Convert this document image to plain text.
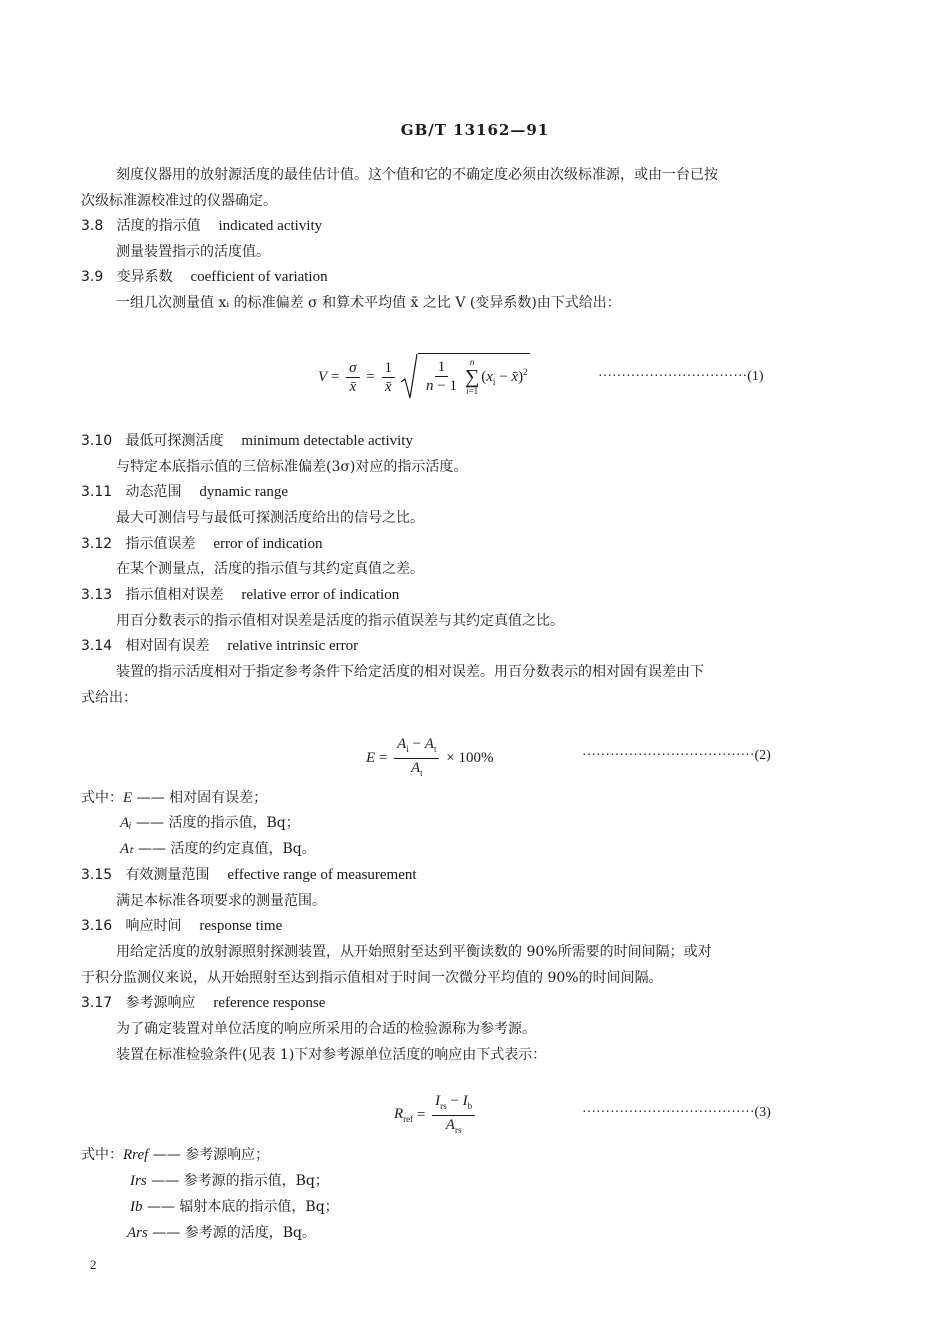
GB/T 13162—91
刻度仪器用的放射源活度的最佳估计值。这个值和它的不确定度必须由次级标准源，或由一台已按
次级标准源校准过的仪器确定。
3.8 活度的指示值 indicated activity
测量装置指示的活度值。
3.9 变异系数 coefficient of variation
一组几次测量值 xᵢ 的标准偏差 σ 和算术平均值 x̄ 之比 V (变异系数)由下式给出：
$V = \frac{\sigma}{x̄} = \frac{1}{x̄} \frac{1}{n - 1}$ n
∑
i=1
($x_i$ − x̄)$^2$	································(1)
3.10 最低可探测活度 minimum detectable activity
与特定本底指示值的三倍标准偏差(3σ)对应的指示活度。
3.11 动态范围 dynamic range
最大可测信号与最低可探测活度给出的信号之比。
3.12 指示值误差 error of indication
在某个测量点，活度的指示值与其约定真值之差。
3.13 指示值相对误差 relative error of indication
用百分数表示的指示值相对误差是活度的指示值误差与其约定真值之比。
3.14 相对固有误差 relative intrinsic error
装置的指示活度相对于指定参考条件下给定活度的相对误差。用百分数表示的相对固有误差由下
式给出：
$E = \frac{A_i - A_t}{A_t}$
× 100%	·····································(2)
式中：E —— 相对固有误差；
Aᵢ —— 活度的指示值，Bq；
Aₜ —— 活度的约定真值，Bq。
3.15 有效测量范围 effective range of measurement
满足本标准各项要求的测量范围。
3.16 响应时间 response time
用给定活度的放射源照射探测装置，从开始照射至达到平衡读数的 90%所需要的时间间隔；或对
于积分监测仪来说，从开始照射至达到指示值相对于时间一次微分平均值的 90%的时间间隔。
3.17 参考源响应 reference response
为了确定装置对单位活度的响应所采用的合适的检验源称为参考源。
装置在标准检验条件(见表 1)下对参考源单位活度的响应由下式表示：
$R_{ref} = \frac{I_{rs} - I_b}{A_{rs}}$	·····································(3)
式中：Rref —— 参考源响应；
Irs —— 参考源的指示值，Bq；
Ib —— 辐射本底的指示值，Bq；
Ars —— 参考源的活度，Bq。
2
